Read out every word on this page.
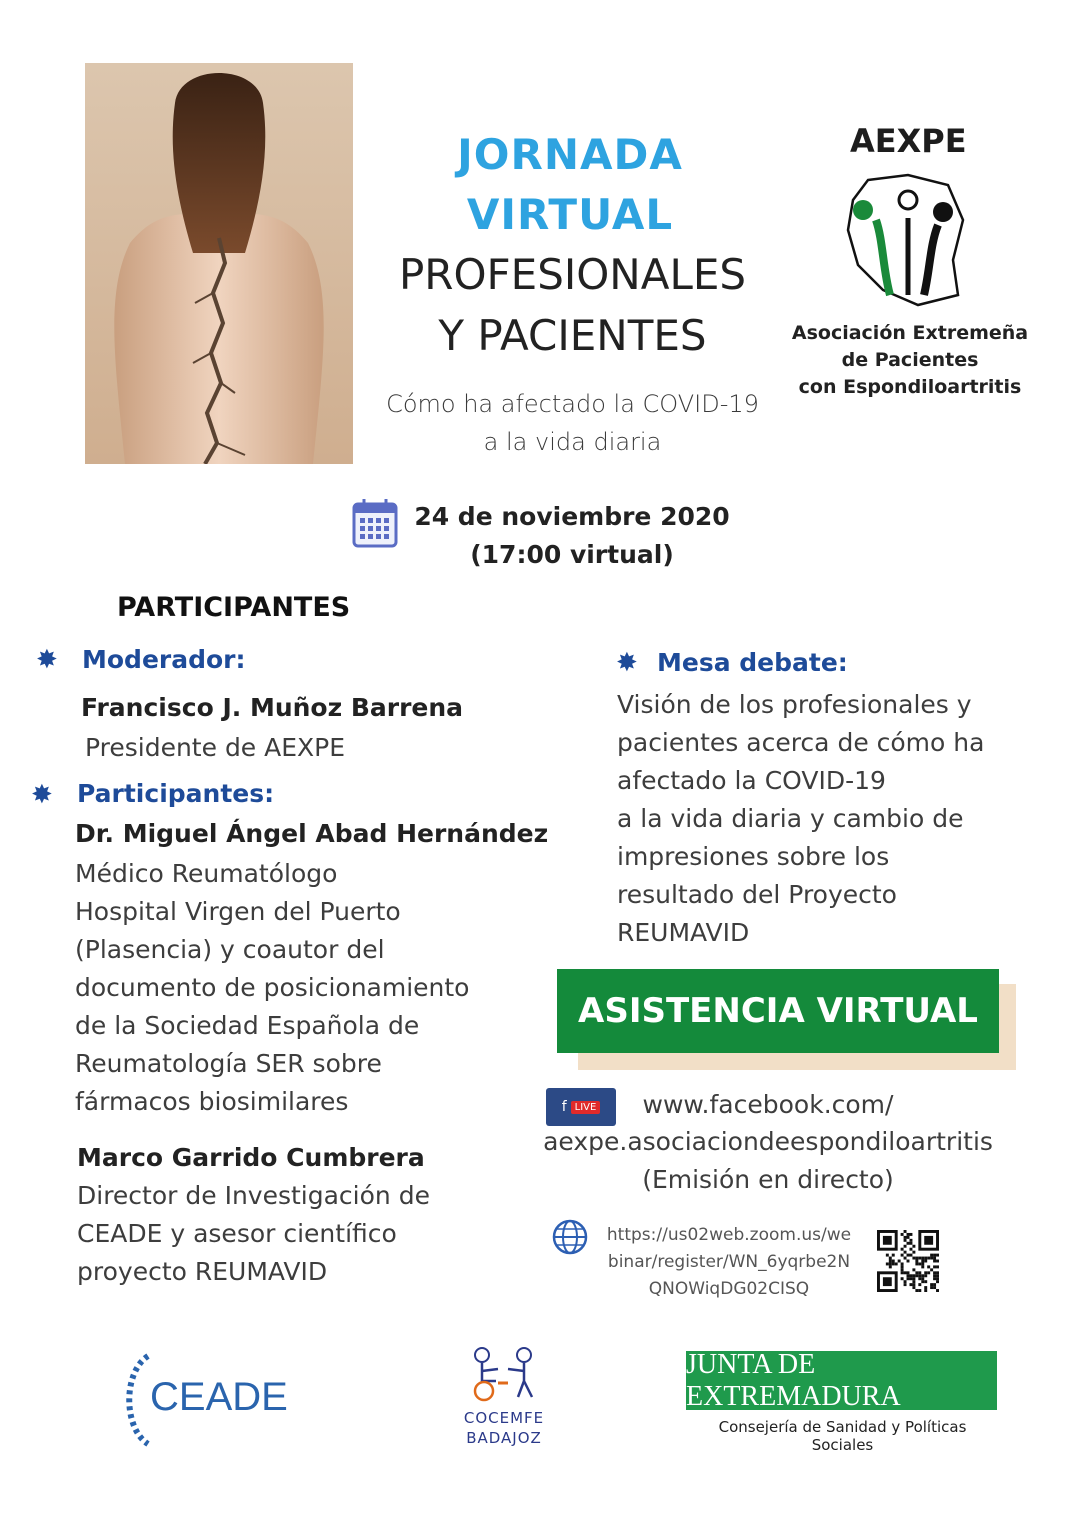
JORNADA
VIRTUAL
PROFESIONALES
Y PACIENTES
Cómo ha afectado la COVID-19
a la vida diaria
AEXPE
Asociación Extremeña
de Pacientes
con Espondiloartritis
24 de noviembre 2020
(17:00 virtual)
PARTICIPANTES
✸ Moderador:
Francisco J. Muñoz Barrena
Presidente de AEXPE
✸ Participantes:
Dr. Miguel Ángel Abad Hernández
Médico Reumatólogo
Hospital Virgen del Puerto
(Plasencia) y coautor del
documento de posicionamiento
de la Sociedad Española de
Reumatología SER sobre
fármacos biosimilares
Marco Garrido Cumbrera
Director de Investigación de
CEADE y asesor científico
proyecto REUMAVID
✸ Mesa debate:
Visión de los profesionales y
pacientes acerca de cómo ha
afectado la COVID-19
a la vida diaria y cambio de
impresiones sobre los
resultado del Proyecto
REUMAVID
ASISTENCIA VIRTUAL
f LIVE	www.facebook.com/
aexpe.asociaciondeespondiloartritis
(Emisión en directo)
https://us02web.zoom.us/we
binar/register/WN_6yqrbe2N
QNOWiqDG02CISQ
CEADE	COCEMFE
BADAJOZ
JUNTA DE EXTREMADURA
Consejería de Sanidad y Políticas Sociales
